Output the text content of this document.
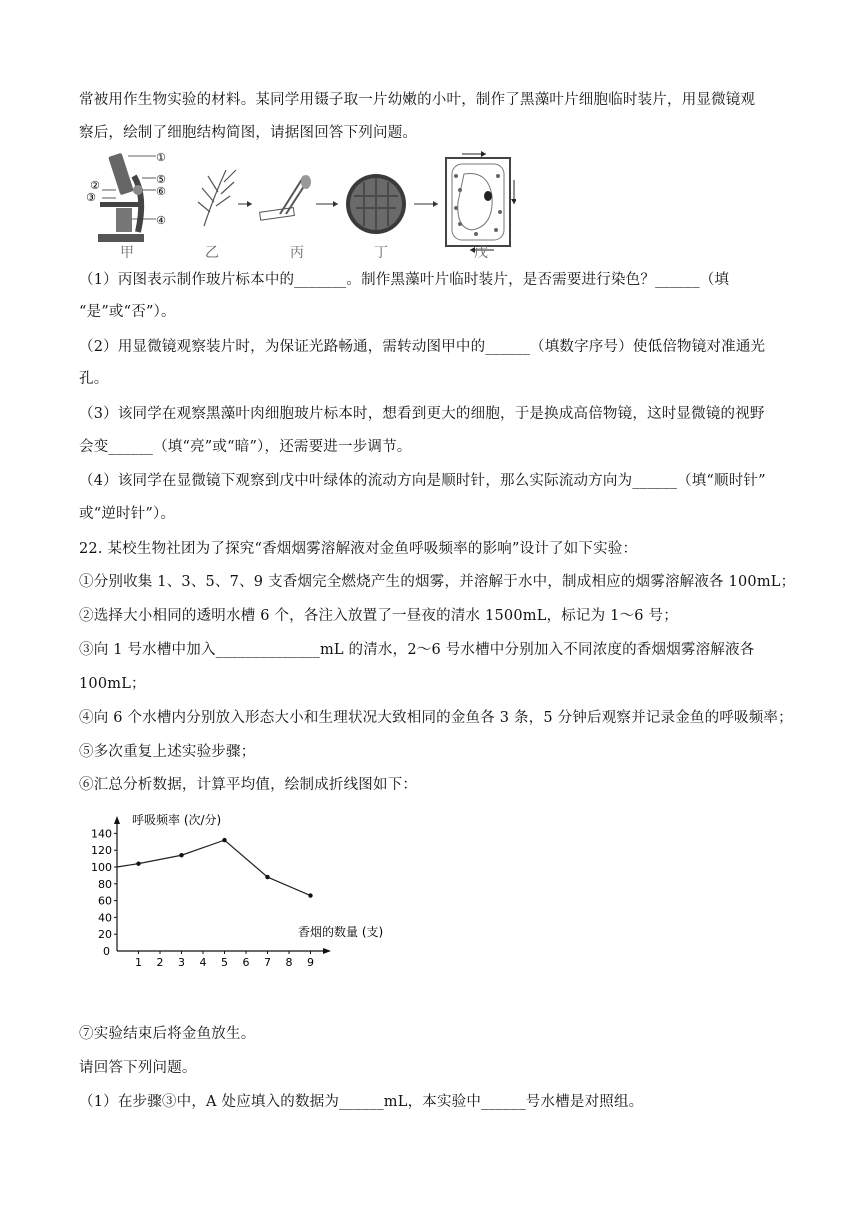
常被用作生物实验的材料。某同学用镊子取一片幼嫩的小叶，制作了黑藻叶片细胞临时装片，用显微镜观
察后，绘制了细胞结构简图，请据图回答下列问题。
①
⑤
⑥
②
③
④
甲	乙	丙	丁	戊
（1）丙图表示制作玻片标本中的_______。制作黑藻叶片临时装片，是否需要进行染色？______（填
“是”或“否”）。
（2）用显微镜观察装片时，为保证光路畅通，需转动图甲中的______（填数字序号）使低倍物镜对准通光
孔。
（3）该同学在观察黑藻叶肉细胞玻片标本时，想看到更大的细胞，于是换成高倍物镜，这时显微镜的视野
会变______（填“亮”或“暗”），还需要进一步调节。
（4）该同学在显微镜下观察到戊中叶绿体的流动方向是顺时针，那么实际流动方向为______（填“顺时针”
或“逆时针”）。
22. 某校生物社团为了探究“香烟烟雾溶解液对金鱼呼吸频率的影响”设计了如下实验：
①分别收集 1、3、5、7、9 支香烟完全燃烧产生的烟雾，并溶解于水中，制成相应的烟雾溶解液各 100mL；
②选择大小相同的透明水槽 6 个，各注入放置了一昼夜的清水 1500mL，标记为 1～6 号；
③向 1 号水槽中加入______________mL 的清水，2～6 号水槽中分别加入不同浓度的香烟烟雾溶解液各
100mL；
④向 6 个水槽内分别放入形态大小和生理状况大致相同的金鱼各 3 条，5 分钟后观察并记录金鱼的呼吸频率；
⑤多次重复上述实验步骤；
⑥汇总分析数据，计算平均值，绘制成折线图如下：
呼吸频率 (次/分)
香烟的数量 (支)
0
20
40
60
80
100
120
140
1 2 3 4 5 6 7 8 9
⑦实验结束后将金鱼放生。
请回答下列问题。
（1）在步骤③中，A 处应填入的数据为______mL，本实验中______号水槽是对照组。
